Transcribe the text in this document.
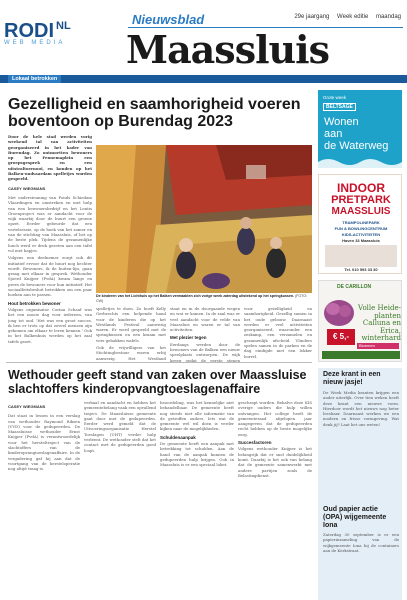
RODI $^{NL}$
WEB MEDIA
Nieuwsblad	29e jaargang Week editie maandag
Maassluis
Lokaal betrokken
Gezelligheid en saamhorigheid voeren boventoon op Burendag 2023

Door de hele stad werden vorig weekend tal van activiteiten georganiseerd in het kader van Burendag. Zo ontmoetten bewoners op het Fennemaplein een groepsgesprek en een uitstraltoernooi, en konden op het Balken-ondvaardam spelletjes worden gespeeld.

CASEY WIEGMANS

Met ondersteuning van Fonds Schiedam Vlaardingen en omstreken en met hulp van een bewonersbedrijf en het Lentis Groenproject was er aandacht voor de wijk waarbij door de buurt een groene opzet. Eerder gebeurde dat een vertelsessie, op de hoek van het zomer en van de stichting van Maassluis, of het op de beste plek. Tijdens de gezamenlijke lunch werd er druk gezeten aan een tafel vol met hapjes.

Volgens een deelnemer zorgt ook dit initiatief ervoor dat de buurt nog hechter wordt. Bewoners, ik de buiten-lijn, gaan graag met elkaar in gesprek. Wethouder Sjoerd Knijper (PvdA) kwam langs en prees de bewoners voor hun initiatief. Het sociaalfeitsbesluit betrokken om een paar hoeken aan te passen.

Hout betrokken bewoner

Volgens organisator Corina Schaaf was het een mooie dag voor iedereen, van jong tot oud. 'Het was een groot succes, ik ben er trots op dat zoveel mensen zijn gekomen om elkaar te leren kennen.' Ook in het Balkenhuis werden op het zaal tafels gezet.

De kinderen van het Lichthuis op het Balken vermaakten zich vorige week zaterdag uitstekend op het springkussen. (FOTO: CW)

spelletjes te doen. Zo hoeft Kelly Gerbrechts een helpende hand voor de kinderen die op het Westlands Festival aanwezig waren. Er werd gespeeld met de springkussen en een kraam met vers gebakken wafels.

Ook de vrijwilligers van het Stichtingbestuur waren erbij aanwezig. Het Westland

staat en in de doorgaande wegen en wat er komen. In de zaal was er veel aandacht voor de velde van Maassluis en waren er tal van activiteiten.

Met plezier tegen

Eerdaags werden door de bewoners van de Balken een nieuw speelplaats ontworpen. De wijk kreeg opdat de eerste stenen

voor gezelligheid en saamhorigheid. Gezellig samen in het oude gebouw. Daarnaast werden er veel activiteiten georganiseerd, waaronder een zeskamp, een verzamelen en gezamenlijk afscheid. Vlinders spelen samen in de parken en de dag eindigde met een lekker borrel.

Grote week
BELTSAGE
Wonen
aan
de Waterweg
INDOOR
PRETPARK
MAASSLUIS
TRAMPOLINEPARK
FUN & BOWLINGCENTRUM
KIDS-ACTIVITEITEN
Haven 33 Maassluis
Tel. 010 593 33 30
DE CARILLON
Volle Heide-planten Calluna en Erica, winterhard
€ 5,-
Bloemen
Wethouder geeft stand van zaken over Maassluise slachtoffers kinderopvangtoeslagenaffaire
CASEY WIEGMANS

Dat staat in lessen in een verslag van wethouder Raymond Riksen (VVD) voor de gedupeerden. De Maassluisse wethouder Ernst Knijper (PvdA) is verantwoordelijk voor het hersteltraject van de slachtoffers van de kinderopvangtoeslagenaffaire. In de vergadering gaf hij aan dat de voortgang van de hersteloperatie nog altijd traag is.

verhaal en aandacht en hebben het gemeentebelang vaak een opvallend traject. De Maassluisse gemeente gaat door met de gedupeerden. Eerder werd gemeld dat de Uitvoeringsorganisatie Herstel Toeslagen (UHT) verder hulp verleent. De wethouder stelt dat het contact met de gedupeerden goed loopt.

beoordeling, was het kennelijke niet behandelbaar. De gemeente heeft nog steeds niet alle informatie van de getroffen ouders. Iets wat de gemeente wel wil doen is verder kijken naar de mogelijkheden.

Schuldenaanpak

De gemeente heeft een aanpak met betrekking tot schulden. Aan de hand van de aanpak kunnen de gedupeerden hulp krijgen. Ook in Maassluis is er een speciaal loket.

geschrapt worden. Behalve deze KIS overige ouders die hulp willen ontvangen. Het college heeft de gemeenteraad afgelopen jaar aangegeven dat de gedupeerden recht hebben op de beste mogelijke zorg.

Succesfactoren

Volgens wethouder Knijper is het belangrijk dat er snel duidelijkheid komt. Daarbij is het ook van belang dat de gemeente samenwerkt met andere partijen zoals de Belastingdienst.

Deze krant in een nieuw jasje!
De Week Media kranten krijgen een ander uiterlijk. Over tien weken heeft deze krant een nieuwe vorm. Hierdoor wordt het nieuws nog beter leesbaar. Daarnaast werken we een modern en frisse vormgeving. Wat denk jij? Laat het ons weten!
Oud papier actie (OPA) wijgemeente Iona
Zaterdag 30 september is er een papierinzameling van de wijkgemeente Iona bij de containers aan de Kerkstraat.
